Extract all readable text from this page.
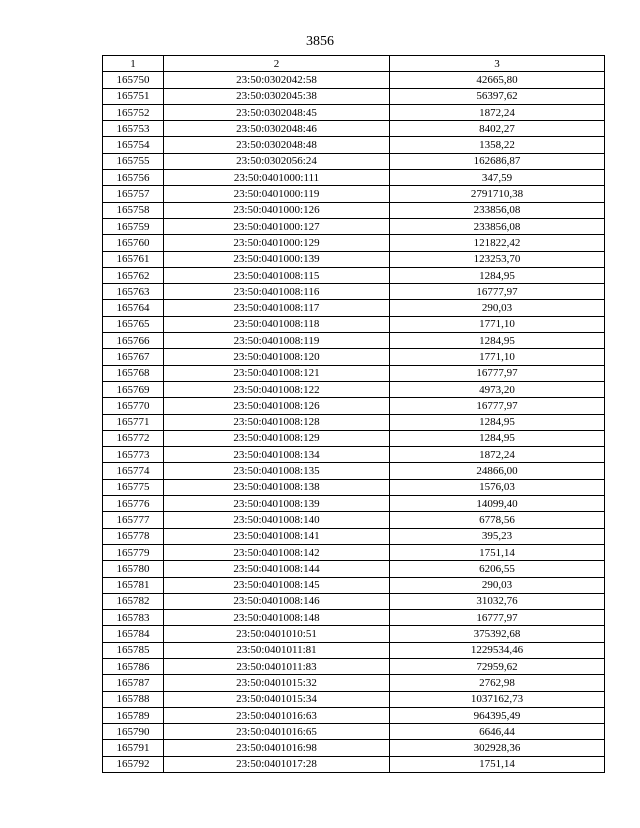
3856
1	2	3
165750	23:50:0302042:58	42665,80
165751	23:50:0302045:38	56397,62
165752	23:50:0302048:45	1872,24
165753	23:50:0302048:46	8402,27
165754	23:50:0302048:48	1358,22
165755	23:50:0302056:24	162686,87
165756	23:50:0401000:111	347,59
165757	23:50:0401000:119	2791710,38
165758	23:50:0401000:126	233856,08
165759	23:50:0401000:127	233856,08
165760	23:50:0401000:129	121822,42
165761	23:50:0401000:139	123253,70
165762	23:50:0401008:115	1284,95
165763	23:50:0401008:116	16777,97
165764	23:50:0401008:117	290,03
165765	23:50:0401008:118	1771,10
165766	23:50:0401008:119	1284,95
165767	23:50:0401008:120	1771,10
165768	23:50:0401008:121	16777,97
165769	23:50:0401008:122	4973,20
165770	23:50:0401008:126	16777,97
165771	23:50:0401008:128	1284,95
165772	23:50:0401008:129	1284,95
165773	23:50:0401008:134	1872,24
165774	23:50:0401008:135	24866,00
165775	23:50:0401008:138	1576,03
165776	23:50:0401008:139	14099,40
165777	23:50:0401008:140	6778,56
165778	23:50:0401008:141	395,23
165779	23:50:0401008:142	1751,14
165780	23:50:0401008:144	6206,55
165781	23:50:0401008:145	290,03
165782	23:50:0401008:146	31032,76
165783	23:50:0401008:148	16777,97
165784	23:50:0401010:51	375392,68
165785	23:50:0401011:81	1229534,46
165786	23:50:0401011:83	72959,62
165787	23:50:0401015:32	2762,98
165788	23:50:0401015:34	1037162,73
165789	23:50:0401016:63	964395,49
165790	23:50:0401016:65	6646,44
165791	23:50:0401016:98	302928,36
165792	23:50:0401017:28	1751,14
